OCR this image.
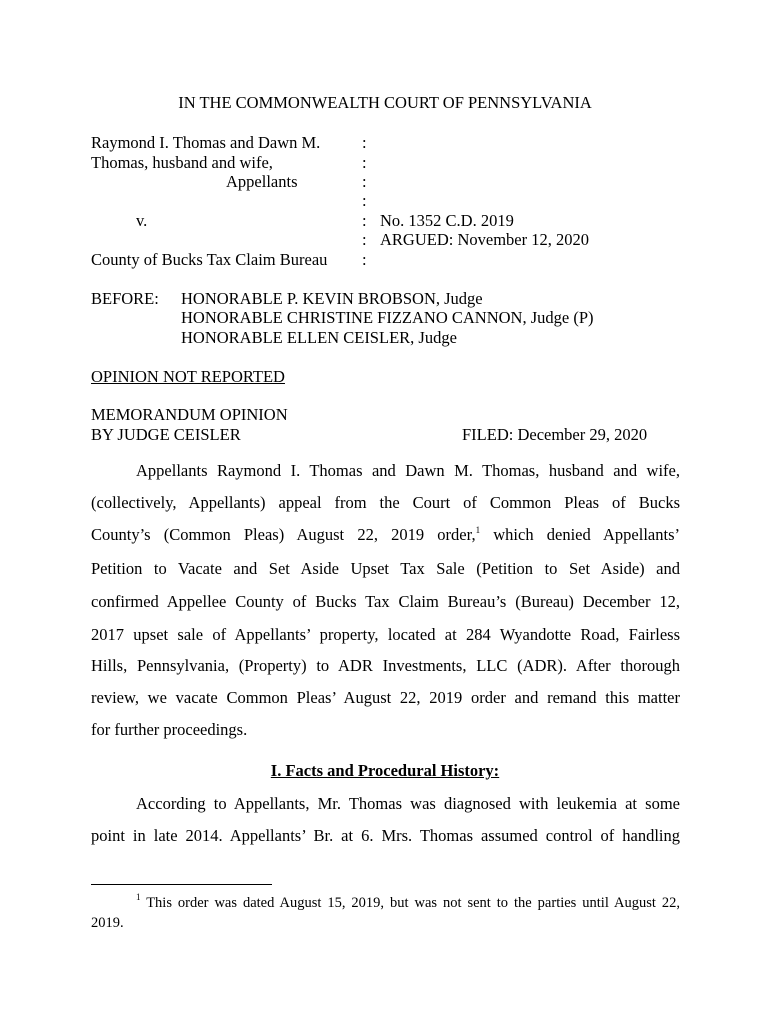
IN THE COMMONWEALTH COURT OF PENNSYLVANIA
Raymond I. Thomas and Dawn M.
Thomas, husband and wife,
Appellants
v.
County of Bucks Tax Claim Bureau
:
:
:
:
:
:
:
No. 1352 C.D. 2019
ARGUED: November 12, 2020
BEFORE: HONORABLE P. KEVIN BROBSON, Judge
HONORABLE CHRISTINE FIZZANO CANNON, Judge (P)
HONORABLE ELLEN CEISLER, Judge
OPINION NOT REPORTED
MEMORANDUM OPINION
BY JUDGE CEISLER	FILED: December 29, 2020
Appellants Raymond I. Thomas and Dawn M. Thomas, husband and wife,
(collectively, Appellants) appeal from the Court of Common Pleas of Bucks
County’s (Common Pleas) August 22, 2019 order,$^1$ which denied Appellants’
Petition to Vacate and Set Aside Upset Tax Sale (Petition to Set Aside) and
confirmed Appellee County of Bucks Tax Claim Bureau’s (Bureau) December 12,
2017 upset sale of Appellants’ property, located at 284 Wyandotte Road, Fairless
Hills, Pennsylvania, (Property) to ADR Investments, LLC (ADR). After thorough
review, we vacate Common Pleas’ August 22, 2019 order and remand this matter
for further proceedings.
I. Facts and Procedural History:
According to Appellants, Mr. Thomas was diagnosed with leukemia at some
point in late 2014. Appellants’ Br. at 6. Mrs. Thomas assumed control of handling
$^1$ This order was dated August 15, 2019, but was not sent to the parties until August 22,
2019.
